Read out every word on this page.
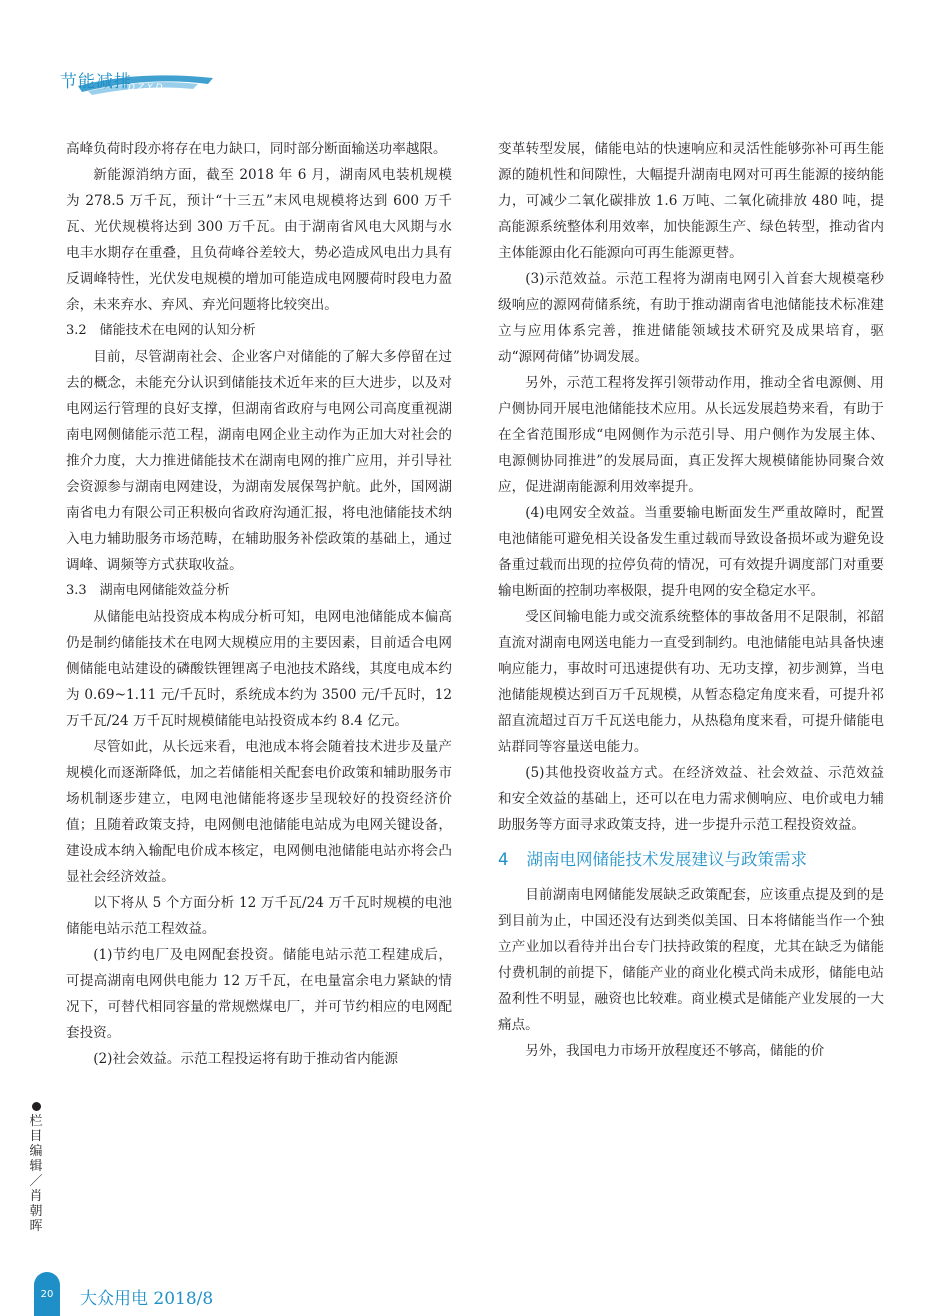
DZYD
节能减排

高峰负荷时段亦将存在电力缺口，同时部分断面输送功率越限。

新能源消纳方面，截至 2018 年 6 月，湖南风电装机规模为 278.5 万千瓦，预计“十三五”末风电规模将达到 600 万千瓦、光伏规模将达到 300 万千瓦。由于湖南省风电大风期与水电丰水期存在重叠，且负荷峰谷差较大，势必造成风电出力具有反调峰特性，光伏发电规模的增加可能造成电网腰荷时段电力盈余，未来弃水、弃风、弃光问题将比较突出。

3.2　储能技术在电网的认知分析

目前，尽管湖南社会、企业客户对储能的了解大多停留在过去的概念，未能充分认识到储能技术近年来的巨大进步，以及对电网运行管理的良好支撑，但湖南省政府与电网公司高度重视湖南电网侧储能示范工程，湖南电网企业主动作为正加大对社会的推介力度，大力推进储能技术在湖南电网的推广应用，并引导社会资源参与湖南电网建设，为湖南发展保驾护航。此外，国网湖南省电力有限公司正积极向省政府沟通汇报，将电池储能技术纳入电力辅助服务市场范畴，在辅助服务补偿政策的基础上，通过调峰、调频等方式获取收益。

3.3　湖南电网储能效益分析

从储能电站投资成本构成分析可知，电网电池储能成本偏高仍是制约储能技术在电网大规模应用的主要因素，目前适合电网侧储能电站建设的磷酸铁锂锂离子电池技术路线，其度电成本约为 0.69~1.11 元/千瓦时，系统成本约为 3500 元/千瓦时，12 万千瓦/24 万千瓦时规模储能电站投资成本约 8.4 亿元。

尽管如此，从长远来看，电池成本将会随着技术进步及量产规模化而逐渐降低，加之若储能相关配套电价政策和辅助服务市场机制逐步建立，电网电池储能将逐步呈现较好的投资经济价值；且随着政策支持，电网侧电池储能电站成为电网关键设备，建设成本纳入输配电价成本核定，电网侧电池储能电站亦将会凸显社会经济效益。

以下将从 5 个方面分析 12 万千瓦/24 万千瓦时规模的电池储能电站示范工程效益。

(1)节约电厂及电网配套投资。储能电站示范工程建成后，可提高湖南电网供电能力 12 万千瓦，在电量富余电力紧缺的情况下，可替代相同容量的常规燃煤电厂，并可节约相应的电网配套投资。

(2)社会效益。示范工程投运将有助于推动省内能源

变革转型发展，储能电站的快速响应和灵活性能够弥补可再生能源的随机性和间隙性，大幅提升湖南电网对可再生能源的接纳能力，可减少二氧化碳排放 1.6 万吨、二氧化硫排放 480 吨，提高能源系统整体利用效率，加快能源生产、绿色转型，推动省内主体能源由化石能源向可再生能源更替。

(3)示范效益。示范工程将为湖南电网引入首套大规模毫秒级响应的源网荷储系统，有助于推动湖南省电池储能技术标准建立与应用体系完善，推进储能领域技术研究及成果培育，驱动“源网荷储”协调发展。

另外，示范工程将发挥引领带动作用，推动全省电源侧、用户侧协同开展电池储能技术应用。从长远发展趋势来看，有助于在全省范围形成“电网侧作为示范引导、用户侧作为发展主体、电源侧协同推进”的发展局面，真正发挥大规模储能协同聚合效应，促进湖南能源利用效率提升。

(4)电网安全效益。当重要输电断面发生严重故障时，配置电池储能可避免相关设备发生重过载而导致设备损坏或为避免设备重过载而出现的拉停负荷的情况，可有效提升调度部门对重要输电断面的控制功率极限，提升电网的安全稳定水平。

受区间输电能力或交流系统整体的事故备用不足限制，祁韶直流对湖南电网送电能力一直受到制约。电池储能电站具备快速响应能力，事故时可迅速提供有功、无功支撑，初步测算，当电池储能规模达到百万千瓦规模，从暂态稳定角度来看，可提升祁韶直流超过百万千瓦送电能力，从热稳角度来看，可提升储能电站群同等容量送电能力。

(5)其他投资收益方式。在经济效益、社会效益、示范效益和安全效益的基础上，还可以在电力需求侧响应、电价或电力辅助服务等方面寻求政策支持，进一步提升示范工程投资效益。

4 湖南电网储能技术发展建议与政策需求

目前湖南电网储能发展缺乏政策配套，应该重点提及到的是到目前为止，中国还没有达到类似美国、日本将储能当作一个独立产业加以看待并出台专门扶持政策的程度，尤其在缺乏为储能付费机制的前提下，储能产业的商业化模式尚未成形，储能电站盈利性不明显，融资也比较难。商业模式是储能产业发展的一大痛点。

另外，我国电力市场开放程度还不够高，储能的价

栏目编辑／肖朝晖
20 大众用电 2018/8
